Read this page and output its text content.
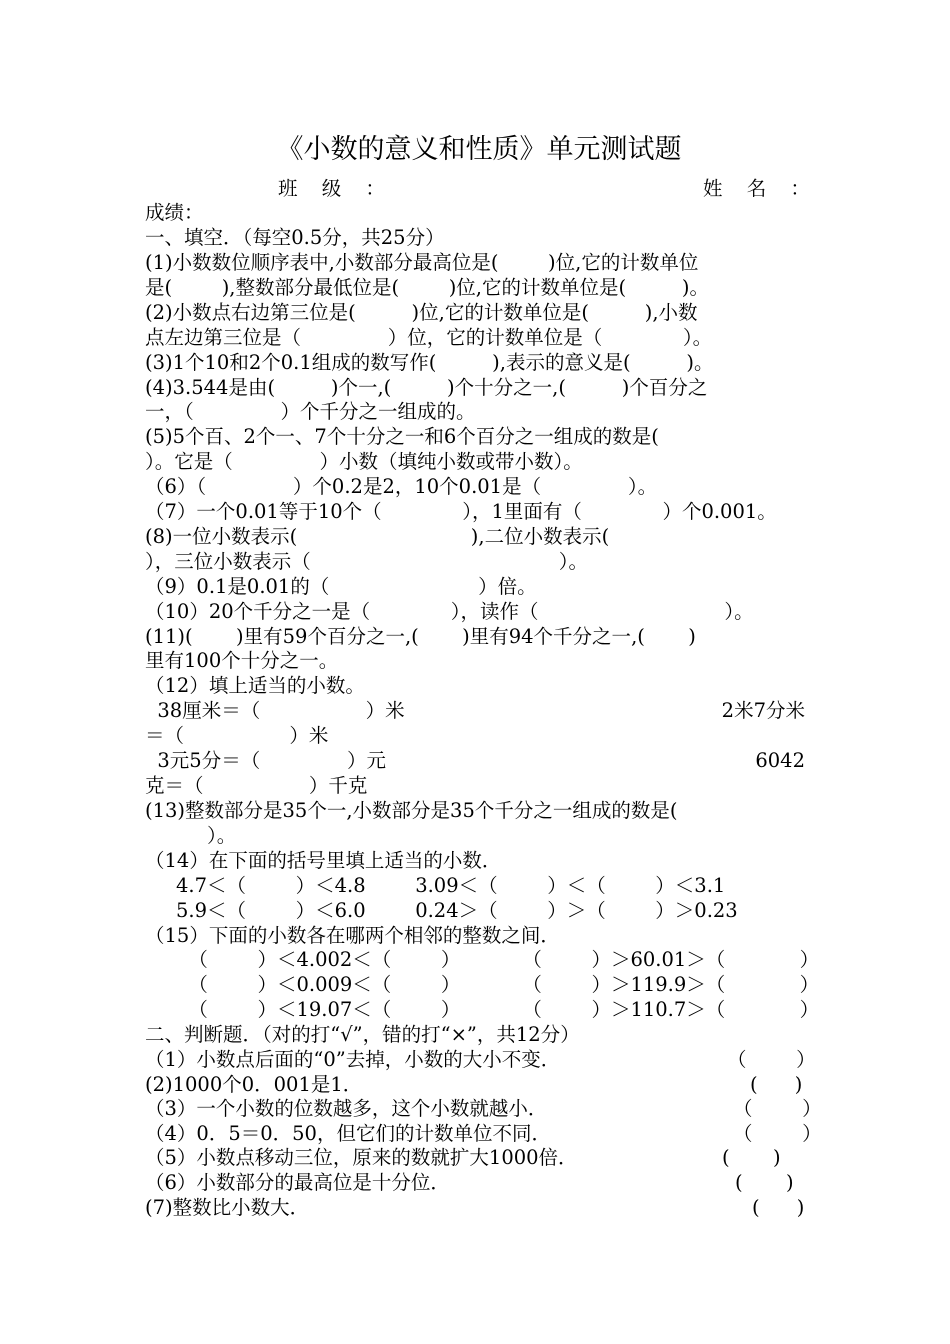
《小数的意义和性质》单元测试题
班 级 ：	姓 名 ：
成绩：
一、填空．（每空0.5分，共25分）
(1)小数数位顺序表中,小数部分最高位是(        )位,它的计数单位
是(        ),整数部分最低位是(        )位,它的计数单位是(         )。
(2)小数点右边第三位是(         )位,它的计数单位是(         ),小数
点左边第三位是（              ）位，它的计数单位是（             ）。
(3)1个10和2个0.1组成的数写作(         ),表示的意义是(         )。
(4)3.544是由(         )个一,(         )个十分之一,(         )个百分之
一，（              ）个千分之一组成的。
(5)5个百、2个一、7个十分之一和6个百分之一组成的数是(
）。它是（              ）小数（填纯小数或带小数）。
（6）（              ）个0.2是2，10个0.01是（              ）。
（7）一个0.01等于10个（             ），1里面有（             ）个0.001。
(8)一位小数表示(                            ),二位小数表示(
），三位小数表示（                                        ）。
（9）0.1是0.01的（                        ）倍。
（10）20个千分之一是（             ），读作（                              ）。
(11)(       )里有59个百分之一,(       )里有94个千分之一,(       )
里有100个十分之一。
（12）填上适当的小数。
38厘米＝（                 ）米	2米7分米
＝（                 ）米
3元5分＝（              ）元	6042
克＝（                 ）千克
(13)整数部分是35个一,小数部分是35个千分之一组成的数是(
）。
（14）在下面的括号里填上适当的小数．
4.7＜（        ）＜4.8        3.09＜（        ）＜（        ）＜3.1
5.9＜（        ）＜6.0        0.24＞（        ）＞（        ）＞0.23
（15）下面的小数各在哪两个相邻的整数之间．
（        ）＜4.002＜（        ）          （        ）＞60.01＞（            ）
（        ）＜0.009＜（        ）          （        ）＞119.9＞（            ）
（        ）＜19.07＜（        ）          （        ）＞110.7＞（            ）
二、判断题．（对的打“√”，错的打“×”，共12分）
（1）小数点后面的“0”去掉，小数的大小不变．	（        ）
(2)1000个0．001是1．	(      )
（3）一个小数的位数越多，这个小数就越小．	（        ）
（4）0．5＝0．50，但它们的计数单位不同．	（        ）
（5）小数点移动三位，原来的数就扩大1000倍．	(       )
（6）小数部分的最高位是十分位．	(       )
(7)整数比小数大．	(      )
